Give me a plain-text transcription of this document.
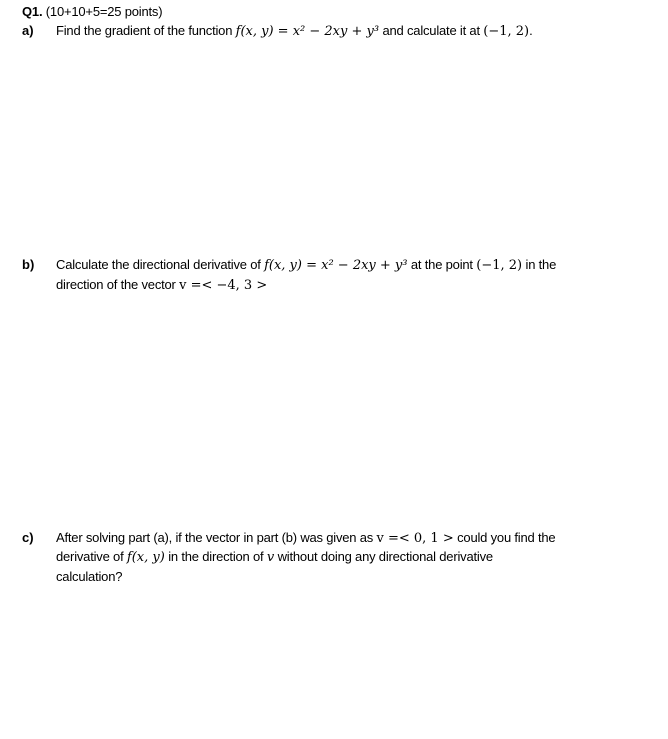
Q1. (10+10+5=25 points)
a) Find the gradient of the function f(x, y) = x² − 2xy + y³ and calculate it at (−1, 2).
b) Calculate the directional derivative of f(x, y) = x² − 2xy + y³ at the point (−1, 2) in the
direction of the vector v =< −4, 3 >
c) After solving part (a), if the vector in part (b) was given as v =< 0, 1 > could you find the
derivative of f(x, y) in the direction of v without doing any directional derivative
calculation?
